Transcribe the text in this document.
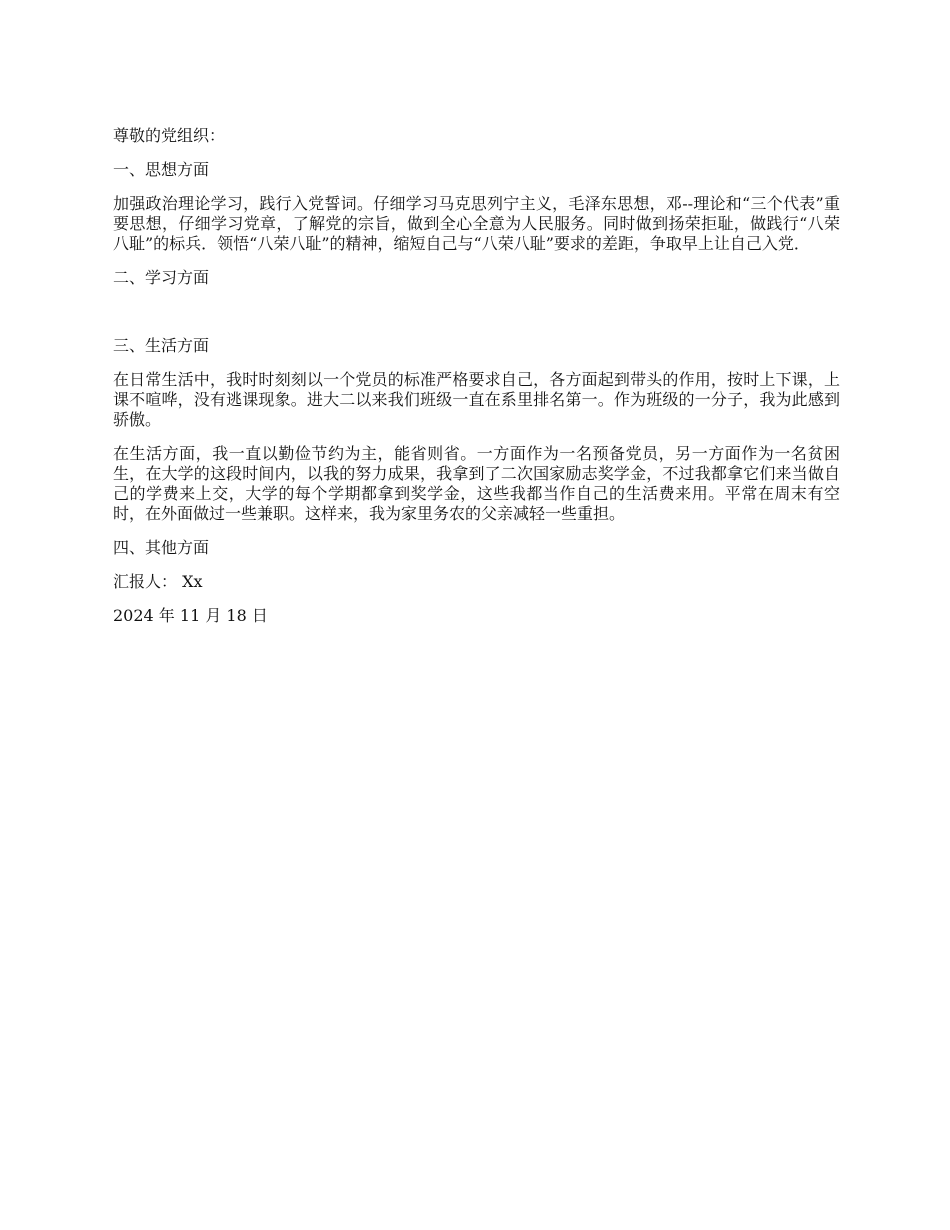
尊敬的党组织：

一、思想方面

加强政治理论学习，践行入党誓词。仔细学习马克思列宁主义，毛泽东思想，邓--理论和“三个代表”重要思想，仔细学习党章，了解党的宗旨，做到全心全意为人民服务。同时做到扬荣拒耻，做践行“八荣八耻”的标兵．领悟“八荣八耻”的精神，缩短自己与“八荣八耻”要求的差距，争取早上让自己入党．

二、学习方面

三、生活方面

在日常生活中，我时时刻刻以一个党员的标准严格要求自己，各方面起到带头的作用，按时上下课，上课不喧哗，没有逃课现象。进大二以来我们班级一直在系里排名第一。作为班级的一分子，我为此感到骄傲。

在生活方面，我一直以勤俭节约为主，能省则省。一方面作为一名预备党员，另一方面作为一名贫困生，在大学的这段时间内，以我的努力成果，我拿到了二次国家励志奖学金，不过我都拿它们来当做自己的学费来上交，大学的每个学期都拿到奖学金，这些我都当作自己的生活费来用。平常在周末有空时，在外面做过一些兼职。这样来，我为家里务农的父亲减轻一些重担。

四、其他方面

汇报人： Xx

2024 年 11 月 18 日
